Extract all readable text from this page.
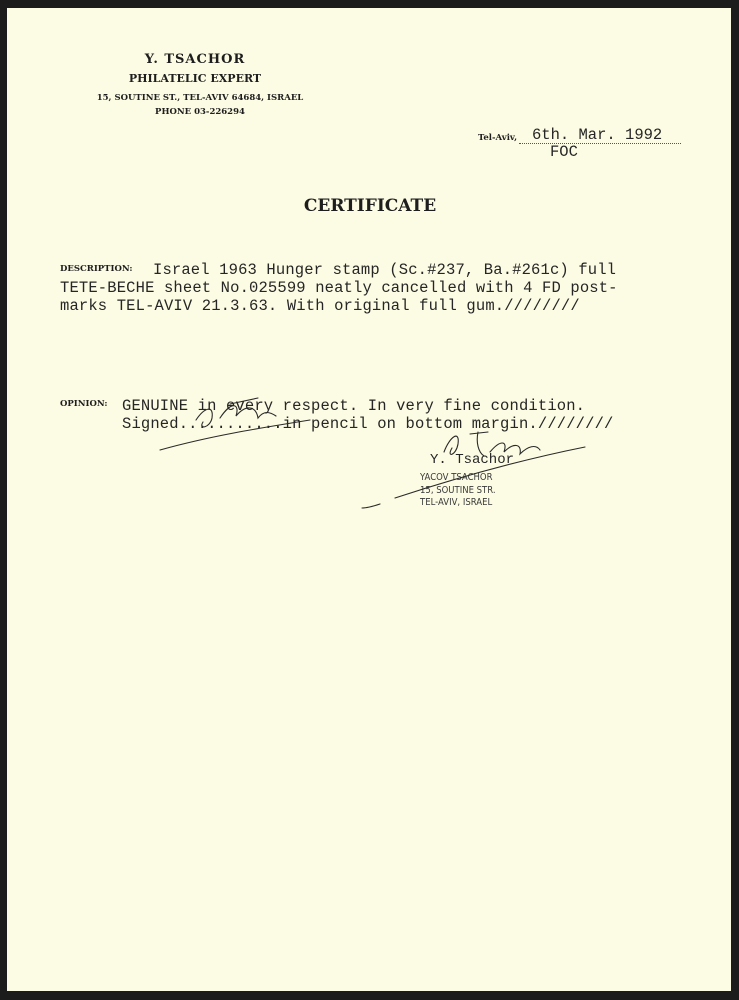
Y. TSACHOR
PHILATELIC EXPERT
15, SOUTINE ST., TEL-AVIV 64684, ISRAEL
PHONE 03-226294
Tel-Aviv, 6th. Mar. 1992
FOC
CERTIFICATE
DESCRIPTION: Israel 1963 Hunger stamp (Sc.#237, Ba.#261c) full
TETE-BECHE sheet No.025599 neatly cancelled with 4 FD post-
marks TEL-AVIV 21.3.63. With original full gum.////////
OPINION: GENUINE in every respect. In very fine condition.
Signed...........in pencil on bottom margin.////////
Y. Tsachor
YACOV TSACHOR
15, SOUTINE STR.
TEL-AVIV, ISRAEL
